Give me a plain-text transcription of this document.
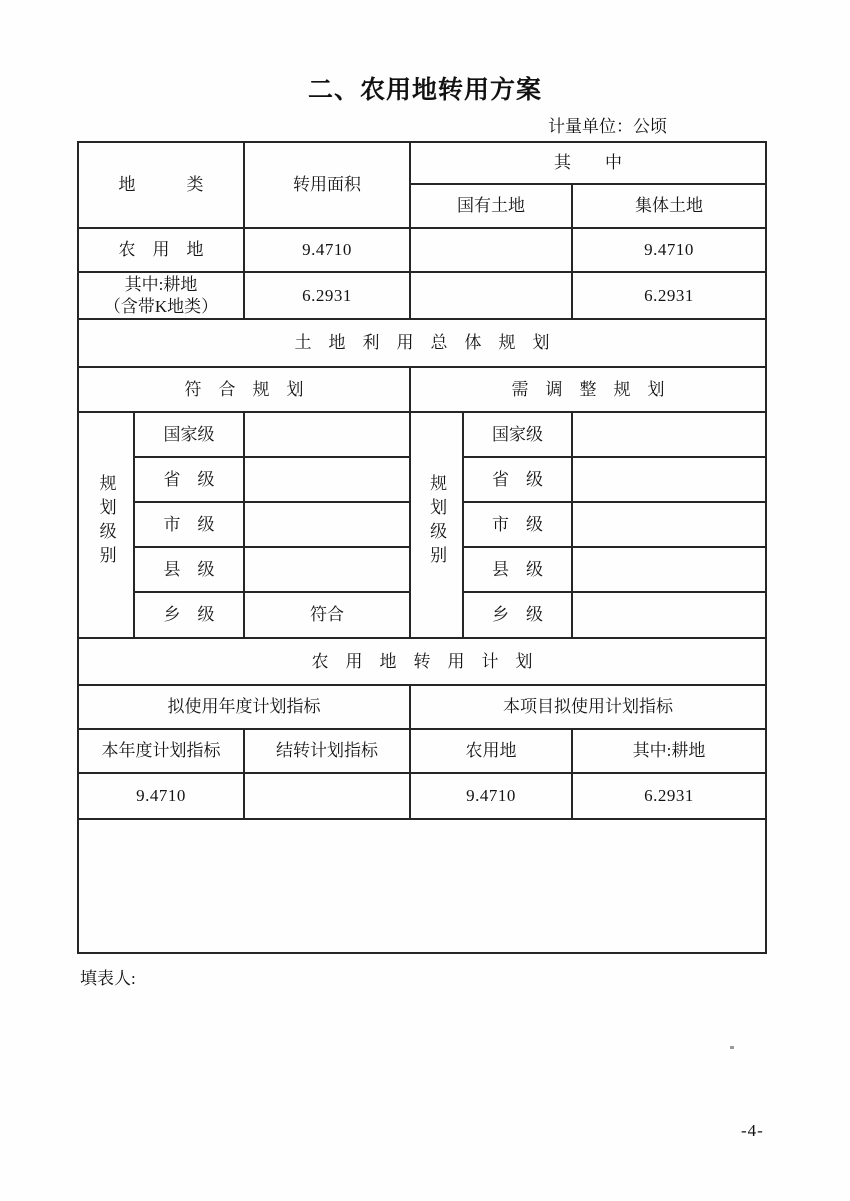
二、农用地转用方案
计量单位：公顷
地　　　类		转用面积	其　　中		
			国有土地		集体土地
农　用　地		9.4710			9.4710

其中:耕地
（含带K地类）		6.2931			6.2931
土　地　利　用　总　体　规　划					
符　合　规　划			需　调　整　规　划		
规划级别	国家级		规划级别	国家级	
	省　级			省　级	
	市　级			市　级	
	县　级			县　级	
	乡　级	符合		乡　级	
农　用　地　转　用　计　划					
拟使用年度计划指标			本项目拟使用计划指标		
本年度计划指标		结转计划指标	农用地		其中:耕地
9.4710			9.4710		6.2931

填表人:
-4-
